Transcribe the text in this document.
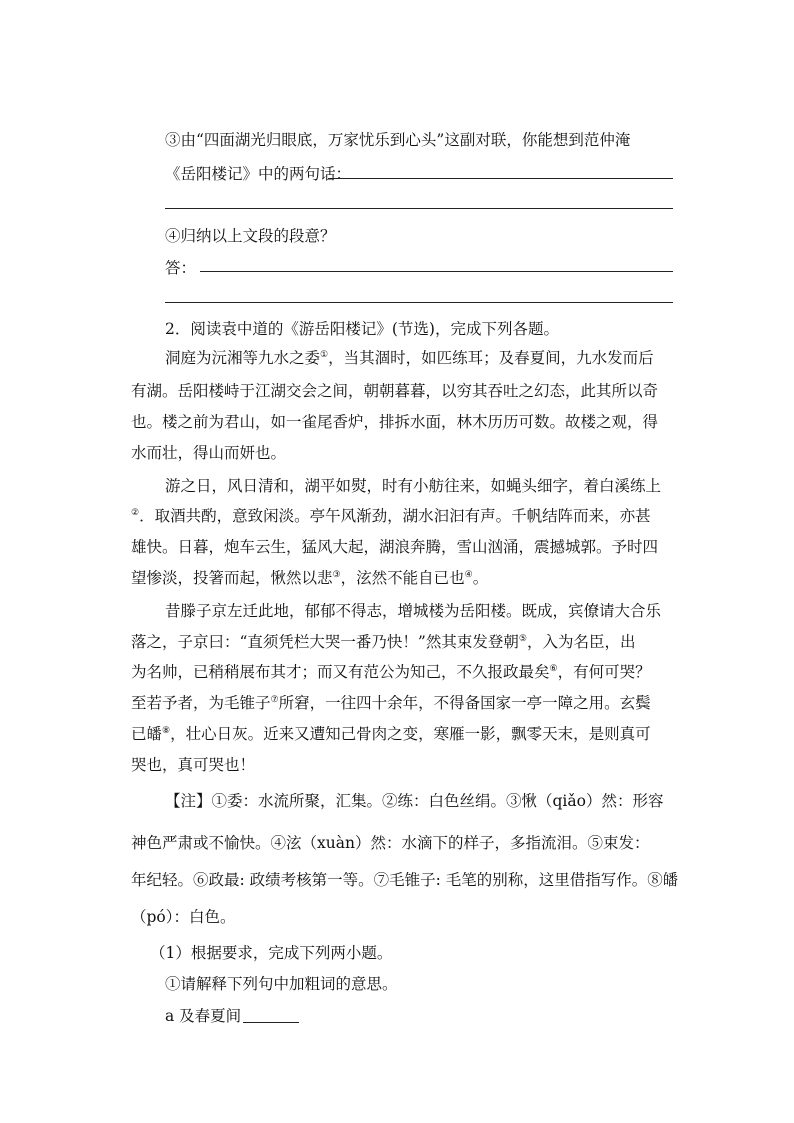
③由“四面湖光归眼底，万家忧乐到心头”这副对联，你能想到范仲淹
《岳阳楼记》中的两句话：
④归纳以上文段的段意？
答：
2．阅读袁中道的《游岳阳楼记》(节选)，完成下列各题。
洞庭为沅湘等九水之委①，当其涸时，如匹练耳；及春夏间，九水发而后
有湖。岳阳楼峙于江湖交会之间，朝朝暮暮，以穷其吞吐之幻态，此其所以奇
也。楼之前为君山，如一雀尾香炉，排拆水面，林木历历可数。故楼之观，得
水而壮，得山而妍也。
游之日，风日清和，湖平如熨，时有小舫往来，如蝇头细字，着白溪练上
②．取酒共酌，意致闲淡。亭午风渐劲，湖水汩汩有声。千帆结阵而来，亦甚
雄快。日暮，炮车云生，猛风大起，湖浪奔腾，雪山汹涌，震撼城郭。予时四
望惨淡，投箸而起，愀然以悲③，泫然不能自已也④。
昔滕子京左迁此地，郁郁不得志，增城楼为岳阳楼。既成，宾僚请大合乐
落之，子京曰：“直须凭栏大哭一番乃快！”然其束发登朝⑤，入为名臣，出
为名帅，已稍稍展布其才；而又有范公为知己，不久报政最矣⑥，有何可哭？
至若予者，为毛锥子⑦所窘，一往四十余年，不得备国家一亭一障之用。玄鬓
已皤⑧，壮心日灰。近来又遭知己骨肉之变，寒雁一影，飘零天末，是则真可
哭也，真可哭也！
【注】①委：水流所聚，汇集。②练：白色丝绢。③愀（qiǎo）然：形容
神色严肃或不愉快。④泫（xuàn）然：水滴下的样子，多指流泪。⑤束发：
年纪轻。⑥政最: 政绩考核第一等。⑦毛锥子: 毛笔的别称，这里借指写作。⑧皤
（pó）：白色。
（1）根据要求，完成下列两小题。
①请解释下列句中加粗词的意思。
a 及春夏间
